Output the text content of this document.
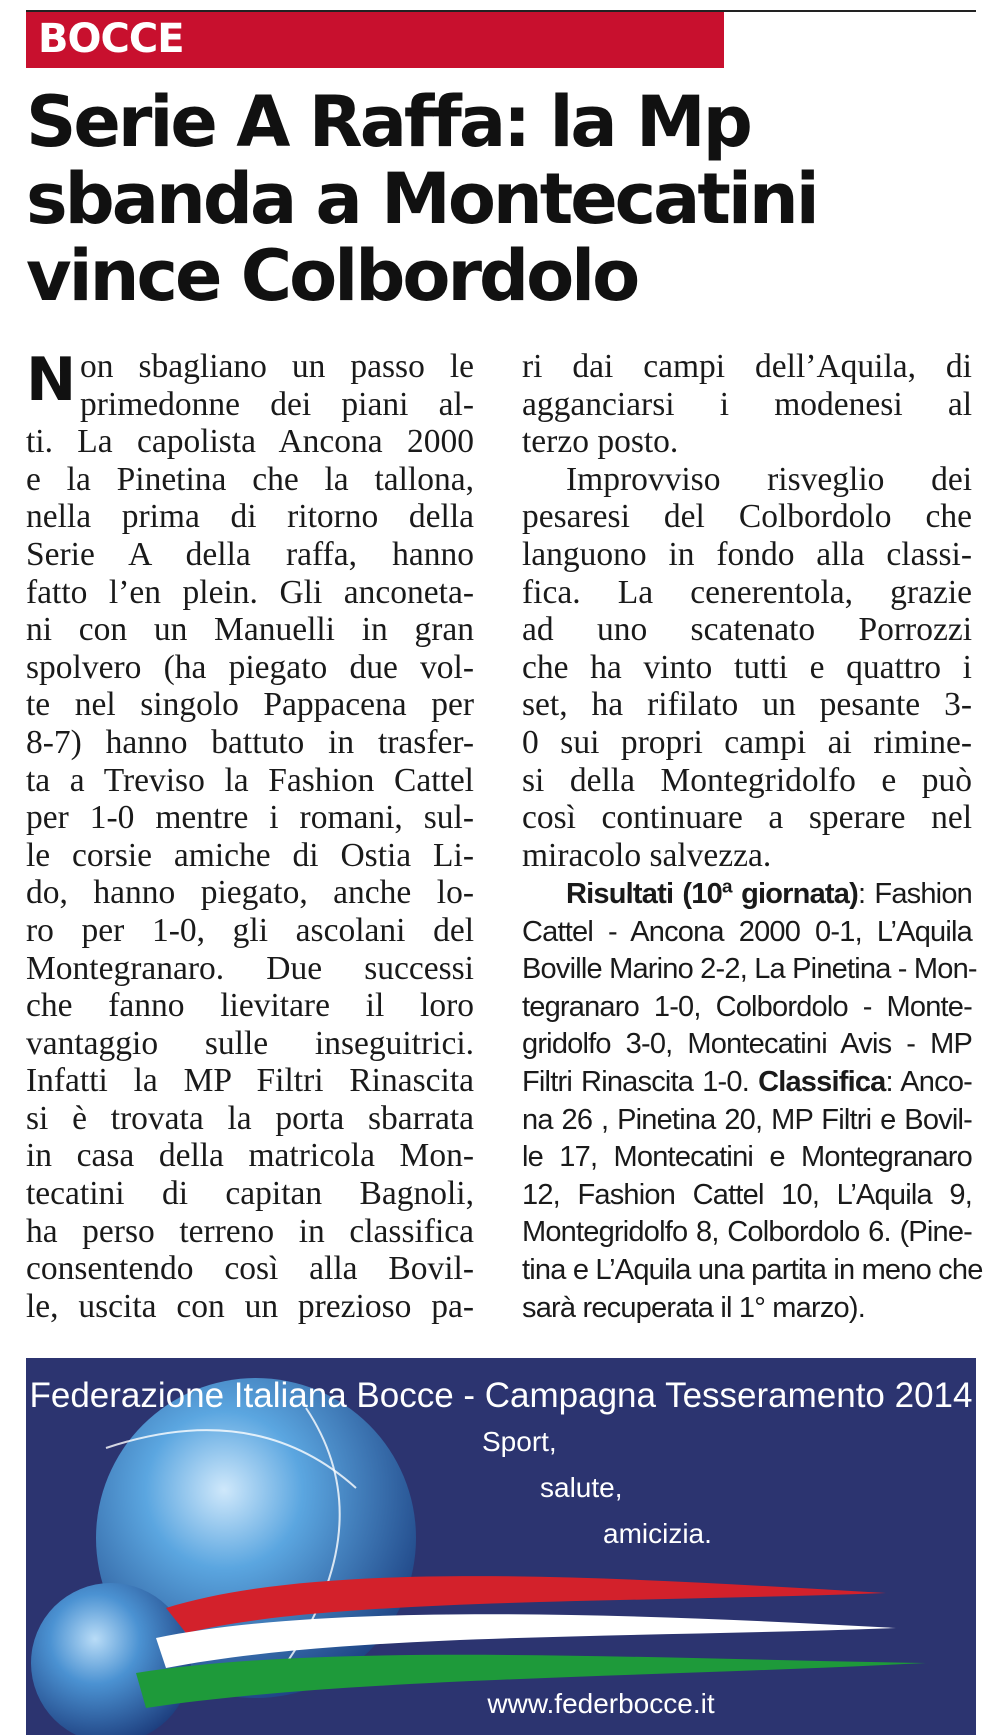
BOCCE
Serie A Raffa: la Mp
sbanda a Montecatini
vince Colbordolo
N on sbagliano un passo le
primedonne dei piani al-
ti. La capolista Ancona 2000
e la Pinetina che la tallona,
nella prima di ritorno della
Serie A della raffa, hanno
fatto l’en plein. Gli anconeta-
ni con un Manuelli in gran
spolvero (ha piegato due vol-
te nel singolo Pappacena per
8-7) hanno battuto in trasfer-
ta a Treviso la Fashion Cattel
per 1-0 mentre i romani, sul-
le corsie amiche di Ostia Li-
do, hanno piegato, anche lo-
ro per 1-0, gli ascolani del
Montegranaro. Due successi
che fanno lievitare il loro
vantaggio sulle inseguitrici.
Infatti la MP Filtri Rinascita
si è trovata la porta sbarrata
in casa della matricola Mon-
tecatini di capitan Bagnoli,
ha perso terreno in classifica
consentendo così alla Bovil-
le, uscita con un prezioso pa-
ri dai campi dell’Aquila, di
agganciarsi i modenesi al
terzo posto.
Improvviso risveglio dei
pesaresi del Colbordolo che
languono in fondo alla classi-
fica. La cenerentola, grazie
ad uno scatenato Porrozzi
che ha vinto tutti e quattro i
set, ha rifilato un pesante 3-
0 sui propri campi ai rimine-
si della Montegridolfo e può
così continuare a sperare nel
miracolo salvezza.
Risultati (10ª giornata): Fashion
Cattel - Ancona 2000 0-1, L’Aquila
Boville Marino 2-2, La Pinetina - Mon-
tegranaro 1-0, Colbordolo - Monte-
gridolfo 3-0, Montecatini Avis - MP
Filtri Rinascita 1-0. Classifica: Anco-
na 26 , Pinetina 20, MP Filtri e Bovil-
le 17, Montecatini e Montegranaro
12, Fashion Cattel 10, L’Aquila 9,
Montegridolfo 8, Colbordolo 6. (Pine-
tina e L’Aquila una partita in meno che
sarà recuperata il 1° marzo).
Federazione Italiana Bocce - Campagna Tesseramento 2014
Sport,
salute,
amicizia.
www.federbocce.it
